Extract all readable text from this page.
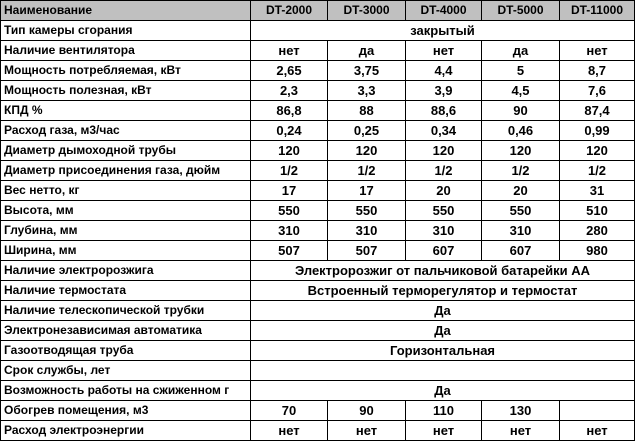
Наименование	DT-2000	DT-3000	DT-4000	DT-5000	DT-11000
Тип камеры сгорания	закрытый				
Наличие вентилятора	нет	да	нет	да	нет
Мощность потребляемая, кВт	2,65	3,75	4,4	5	8,7
Мощность полезная, кВт	2,3	3,3	3,9	4,5	7,6
КПД %	86,8	88	88,6	90	87,4
Расход газа, м3/час	0,24	0,25	0,34	0,46	0,99
Диаметр дымоходной трубы	120	120	120	120	120
Диаметр присоединения газа, дюйм	1/2	1/2	1/2	1/2	1/2
Вес нетто, кг	17	17	20	20	31
Высота, мм	550	550	550	550	510
Глубина, мм	310	310	310	310	280
Ширина, мм	507	507	607	607	980
Наличие электророзжига	Электророзжиг от пальчиковой батарейки АА				
Наличие термостата	Встроенный терморегулятор и термостат				
Наличие телескопической трубки	Да				
Электронезависимая автоматика	Да				
Газоотводящая труба	Горизонтальная				
Срок службы, лет					
Возможность работы на сжиженном г	Да				
Обогрев помещения, м3	70	90	110	130	
Расход электроэнергии	нет	нет	нет	нет	нет
